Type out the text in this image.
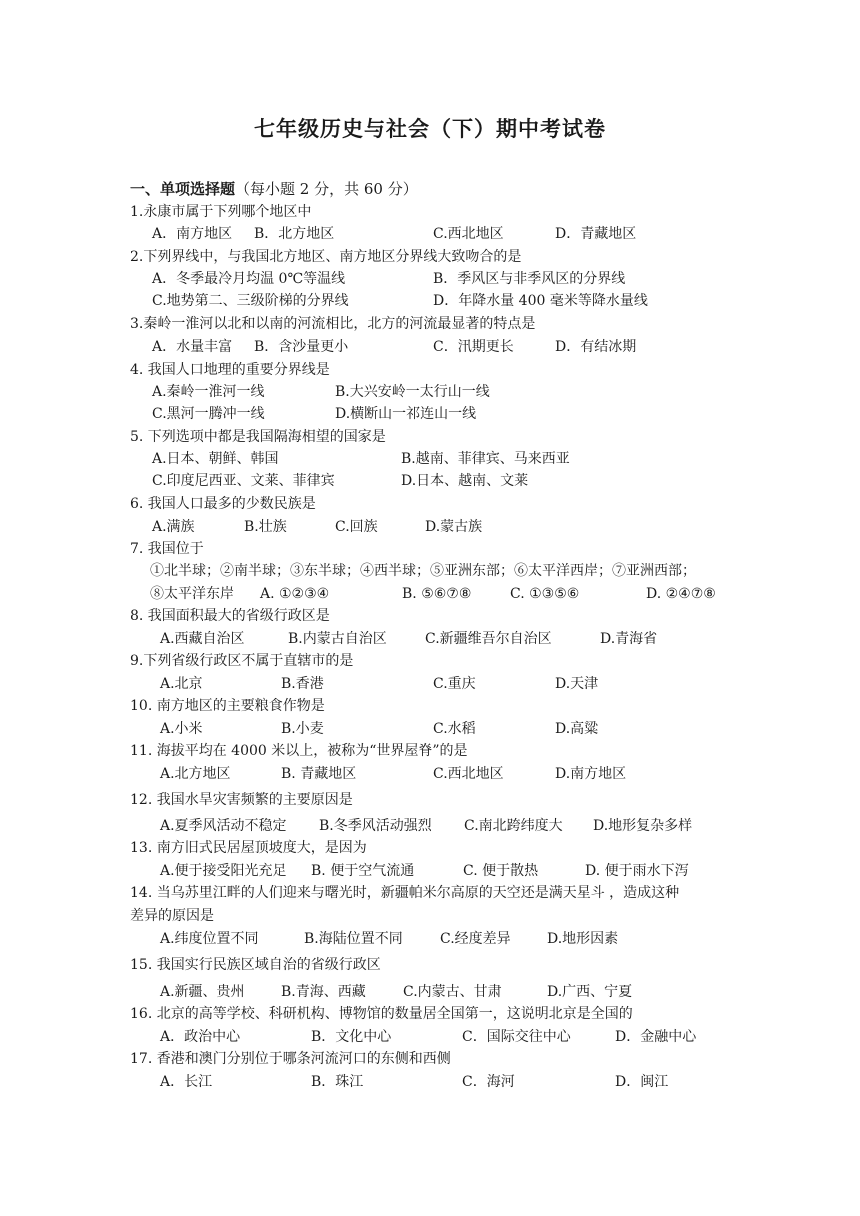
七年级历史与社会（下）期中考试卷
一、单项选择题（每小题 2 分，共 60 分）
1.永康市属于下列哪个地区中
A．南方地区 B．北方地区	C.西北地区	D．青藏地区
2.下列界线中，与我国北方地区、南方地区分界线大致吻合的是
A．冬季最冷月均温 0℃等温线	B．季风区与非季风区的分界线
C.地势第二、三级阶梯的分界线	D．年降水量 400 毫米等降水量线
3.秦岭一淮河以北和以南的河流相比，北方的河流最显著的特点是
A．水量丰富 B．含沙量更小	C．汛期更长	D．有结冰期
4. 我国人口地理的重要分界线是
A.秦岭一淮河一线	B.大兴安岭一太行山一线
C.黑河一腾冲一线	D.横断山一祁连山一线
5. 下列选项中都是我国隔海相望的国家是
A.日本、朝鲜、韩国	B.越南、菲律宾、马来西亚
C.印度尼西亚、文莱、菲律宾	D.日本、越南、文莱
6. 我国人口最多的少数民族是
A.满族	B.壮族	C.回族	D.蒙古族
7. 我国位于
①北半球；②南半球；③东半球；④西半球；⑤亚洲东部；⑥太平洋西岸；⑦亚洲西部；
⑧太平洋东岸 A. ①②③④	B. ⑤⑥⑦⑧	C. ①③⑤⑥	D. ②④⑦⑧
8. 我国面积最大的省级行政区是
A.西藏自治区	B.内蒙古自治区	C.新疆维吾尔自治区	D.青海省
9.下列省级行政区不属于直辖市的是
A.北京	B.香港	C.重庆	D.天津
10. 南方地区的主要粮食作物是
A.小米	B.小麦	C.水稻	D.高粱
11. 海拔平均在 4000 米以上，被称为“世界屋脊”的是
A.北方地区	B. 青藏地区	C.西北地区	D.南方地区
12. 我国水旱灾害频繁的主要原因是
A.夏季风活动不稳定 B.冬季风活动强烈 C.南北跨纬度大 D.地形复杂多样
13. 南方旧式民居屋顶坡度大，是因为
A.便于接受阳光充足 B. 便于空气流通	C. 便于散热	D. 便于雨水下泻
14. 当乌苏里江畔的人们迎来与曙光时，新疆帕米尔高原的天空还是满天星斗 ，造成这种
差异的原因是
A.纬度位置不同	B.海陆位置不同	C.经度差异	D.地形因素
15. 我国实行民族区域自治的省级行政区
A.新疆、贵州	B.青海、西藏	C.内蒙古、甘肃	D.广西、宁夏
16. 北京的高等学校、科研机构、博物馆的数量居全国第一，这说明北京是全国的
A．政治中心	B．文化中心	C．国际交往中心	D．金融中心
17. 香港和澳门分别位于哪条河流河口的东侧和西侧
A．长江	B．珠江	C．海河	D．闽江
